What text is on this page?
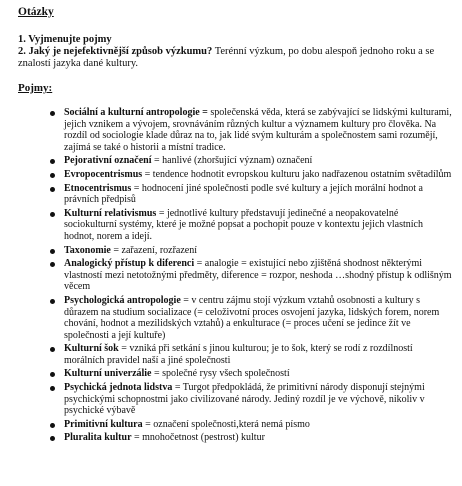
Otázky

1. Vyjmenujte pojmy

2. Jaký je nejefektivnější způsob výzkumu? Terénní výzkum, po dobu alespoň jednoho roku a se znalostí jazyka dané kultury.

Pojmy:
Sociální a kulturní antropologie = společenská věda, která se zabývající se lidskými kulturami, jejich vznikem a vývojem, srovnáváním různých kultur a významem kultury pro člověka. Na rozdíl od sociologie klade důraz na to, jak lidé svým kulturám a společnostem sami rozumějí, zajímá se také o historii a místní tradice.
Pejorativní označení = hanlivé (zhoršující význam) označení
Evropocentrismus = tendence hodnotit evropskou kulturu jako nadřazenou ostatním světadílům
Etnocentrismus = hodnocení jiné společnosti podle své kultury a jejích morální hodnot a právních předpisů
Kulturní relativismus = jednotlivé kultury představují jedinečné a neopakovatelné sociokulturní systémy, které je možné popsat a pochopit pouze v kontextu jejich vlastních hodnot, norem a idejí.
Taxonomie = zařazení, rozřazení
Analogický přístup k diferenci = analogie = existující nebo zjištěná shodnost některými vlastností mezi netotožnými předměty, diference = rozpor, neshoda …shodný přístup k odlišným věcem
Psychologická antropologie = v centru zájmu stojí výzkum vztahů osobnosti a kultury s důrazem na studium socializace (= celoživotní proces osvojení jazyka, lidských forem, norem chování, hodnot a mezilidských vztahů) a enkulturace (= proces učení se jedince žít ve společnosti a její kultuře)
Kulturní šok = vzniká při setkání s jinou kulturou; je to šok, který se rodí z rozdílností morálních pravidel naší a jiné společnosti
Kulturní univerzálie = společné rysy všech společností
Psychická jednota lidstva = Turgot předpokládá, že primitivní národy disponují stejnými psychickými schopnostmi jako civilizované národy. Jediný rozdíl je ve výchově, nikoliv v psychické výbavě
Primitivní kultura = označení společnosti,která nemá písmo
Pluralita kultur = mnohočetnost (pestrost) kultur
